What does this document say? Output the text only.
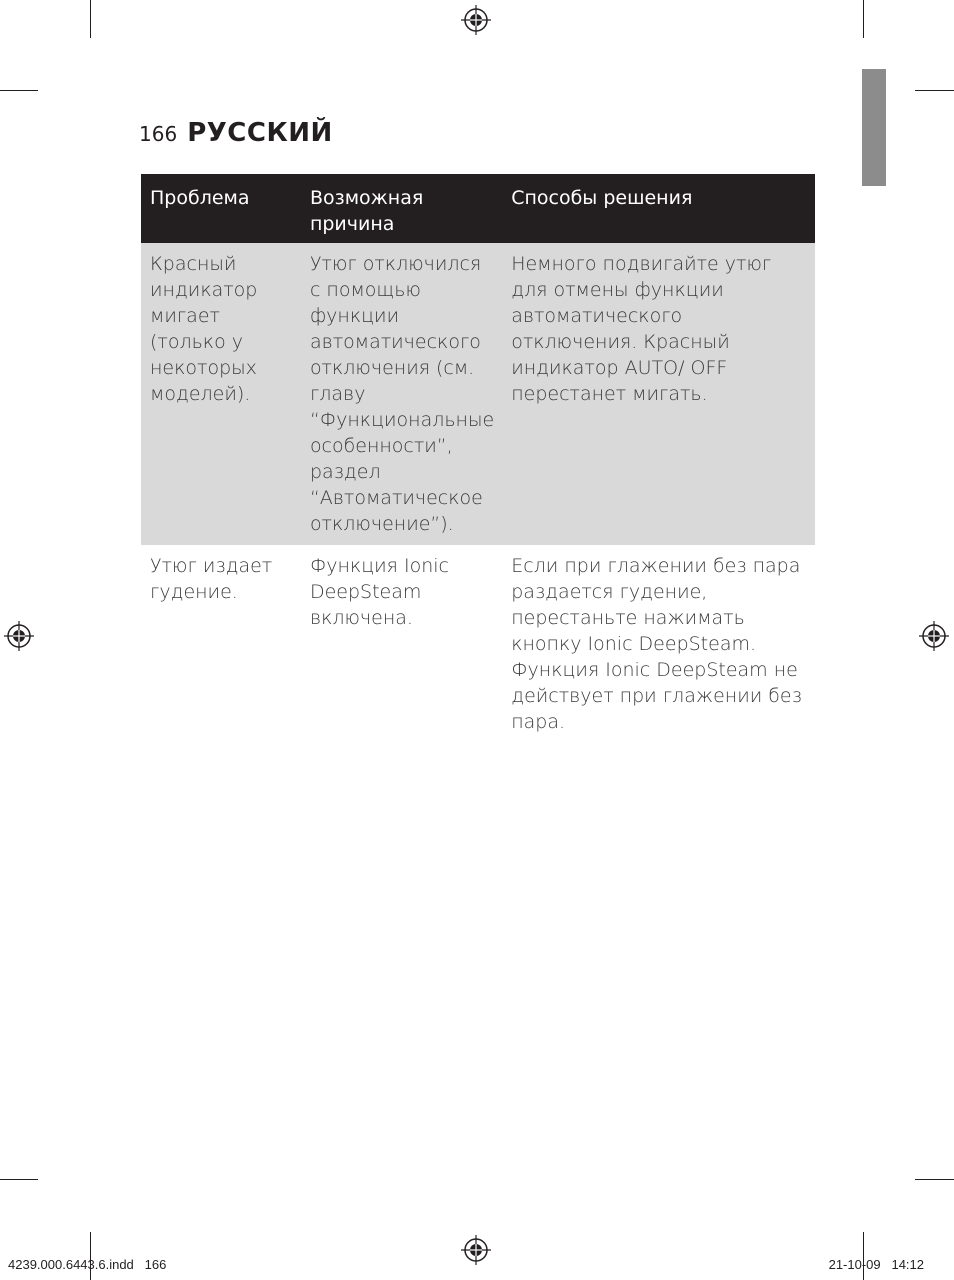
166 РУССКИЙ
Проблема	Возможная причина	Способы решения
Красный индикатор мигает (только у некоторых моделей).	Утюг отключился с помощью функции автоматического отключения (см. главу “Функциональные особенности”, раздел “Автоматическое отключение”).	Немного подвигайте утюг для отмены функции автоматического отключения. Красный индикатор AUTO/ OFF перестанет мигать.
Утюг издает гудение.	Функция Ionic DeepSteam включена.	Если при глажении без пара раздается гудение, перестаньте нажимать кнопку Ionic DeepSteam. Функция Ionic DeepSteam не действует при глажении без пара.
4239.000.6443.6.indd   166	21-10-09   14:12
